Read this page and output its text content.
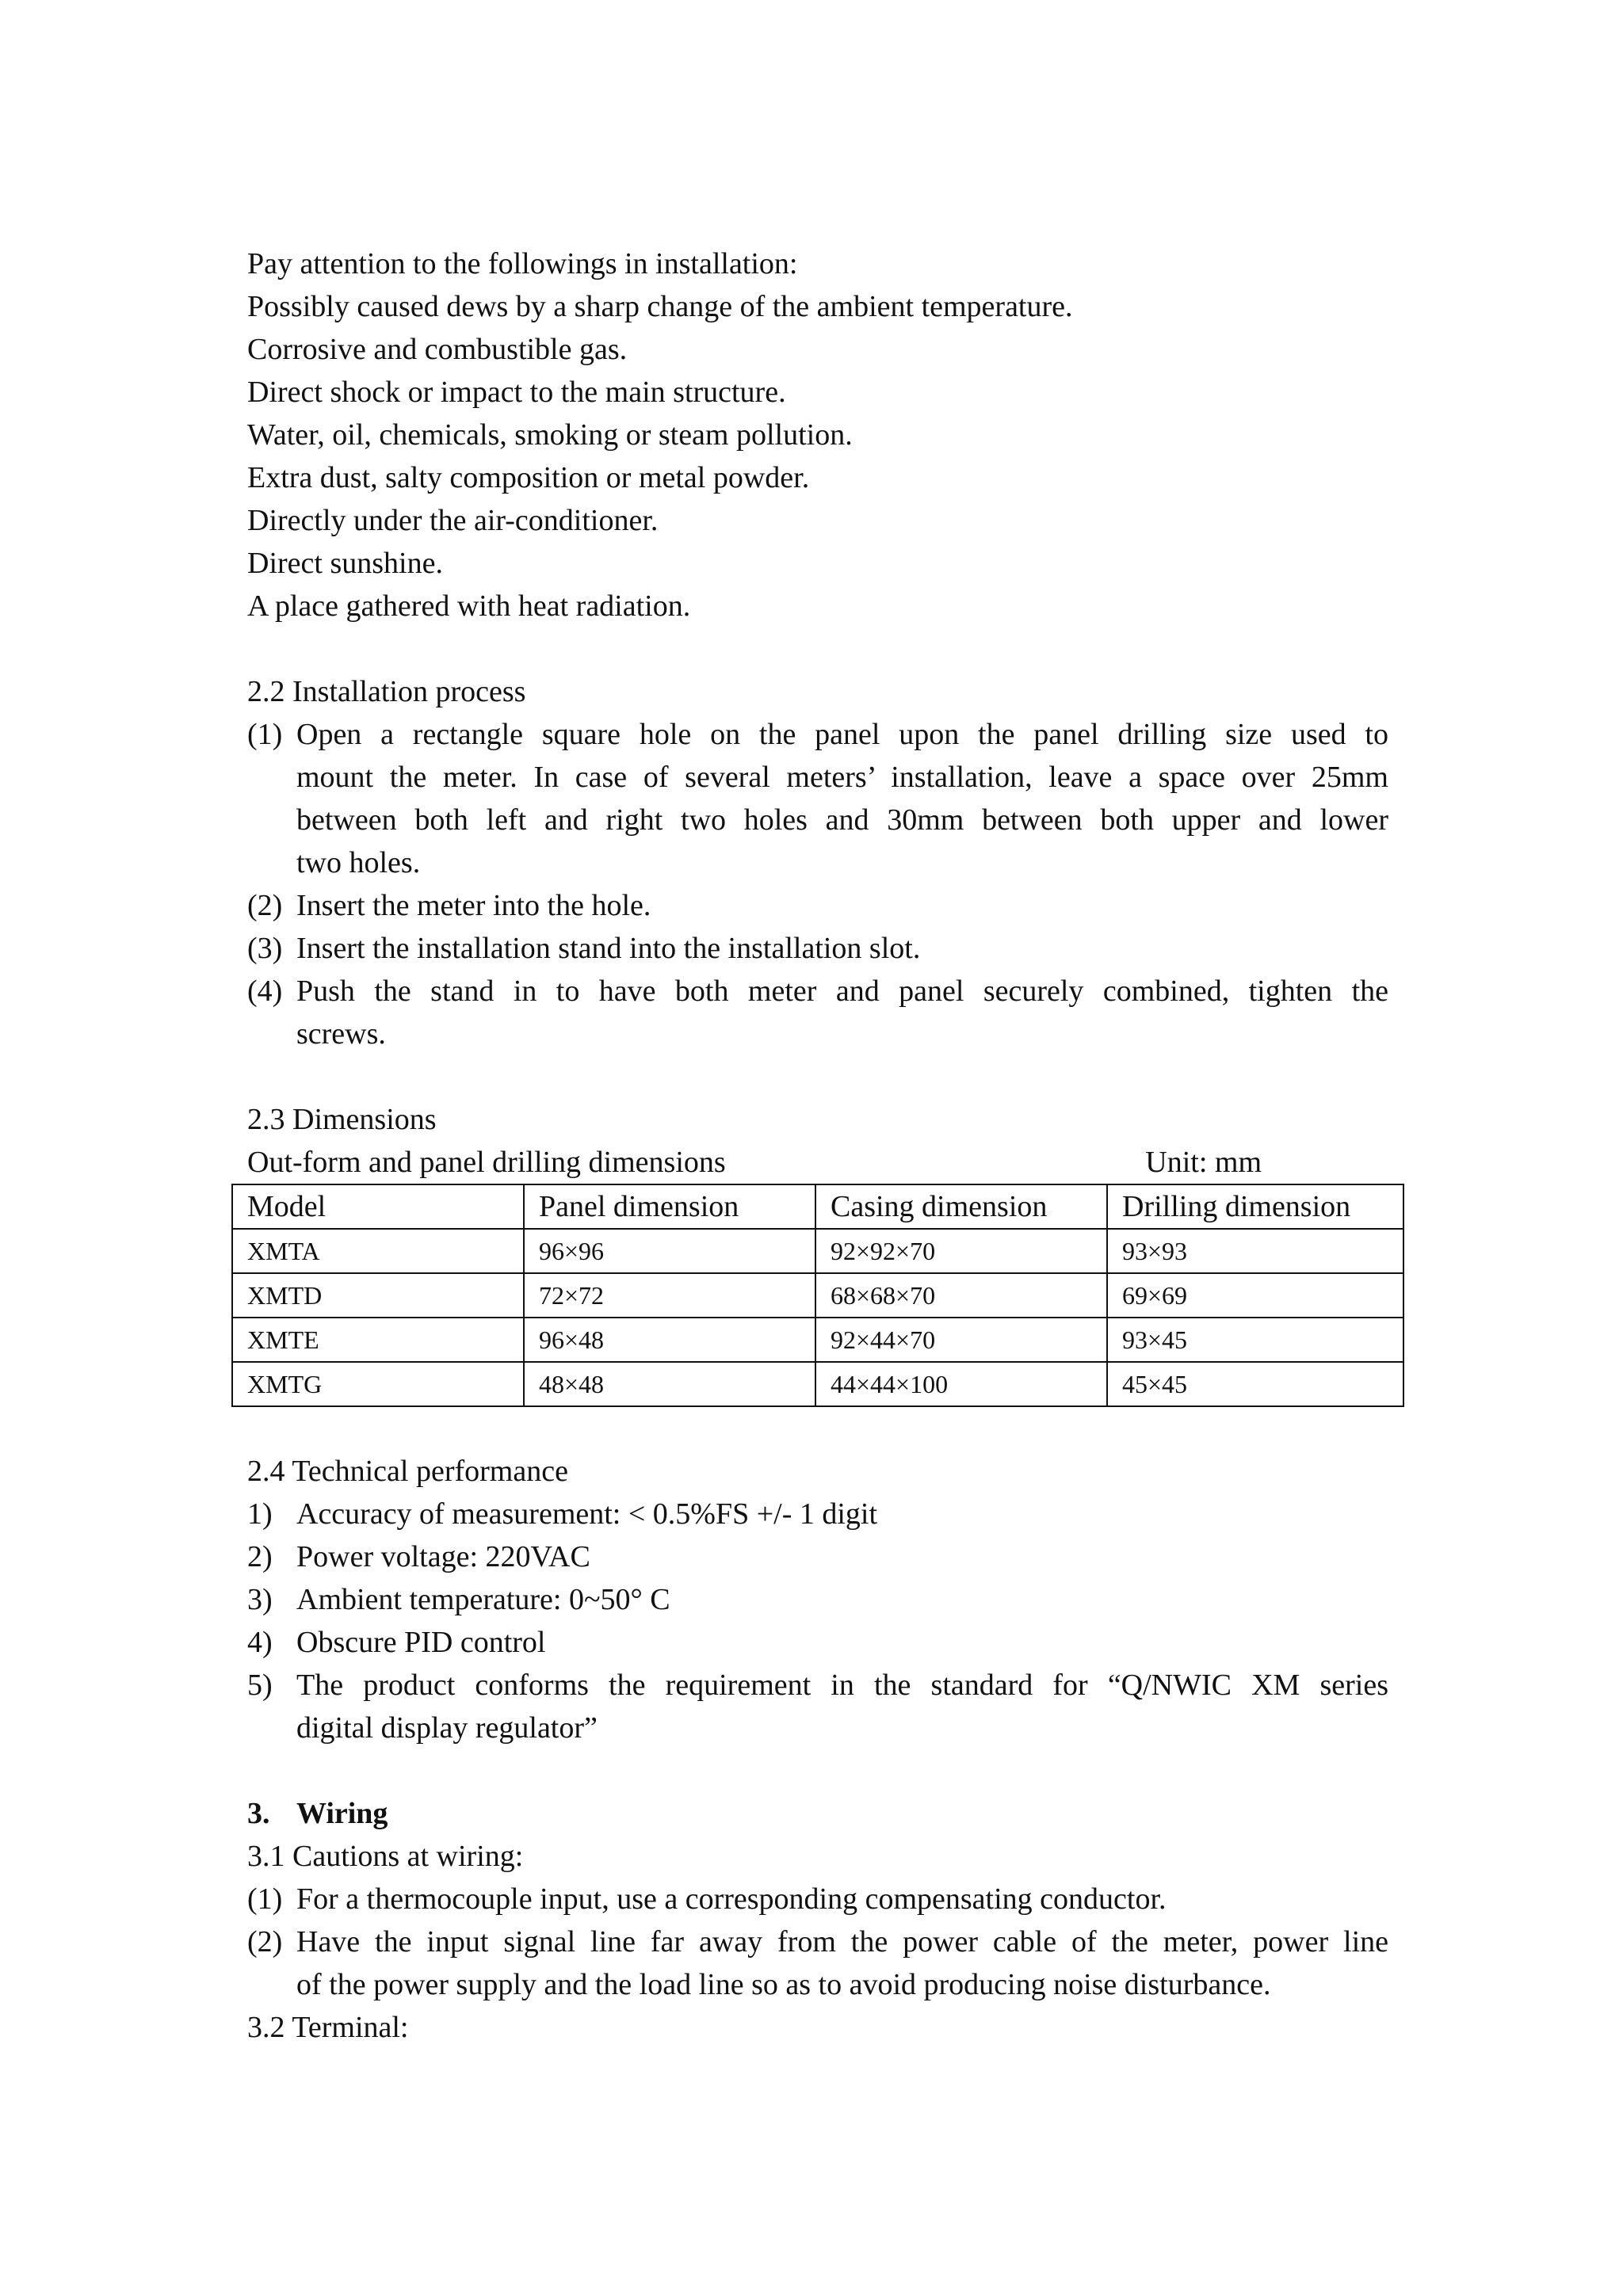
Pay attention to the followings in installation:
Possibly caused dews by a sharp change of the ambient temperature.
Corrosive and combustible gas.
Direct shock or impact to the main structure.
Water, oil, chemicals, smoking or steam pollution.
Extra dust, salty composition or metal powder.
Directly under the air-conditioner.
Direct sunshine.
A place gathered with heat radiation.
2.2 Installation process
(1) Open a rectangle square hole on the panel upon the panel drilling size used to
mount the meter. In case of several meters’ installation, leave a space over 25mm
between both left and right two holes and 30mm between both upper and lower
two holes.
(2) Insert the meter into the hole.
(3) Insert the installation stand into the installation slot.
(4) Push the stand in to have both meter and panel securely combined, tighten the
screws.
2.3 Dimensions
Out-form and panel drilling dimensions	Unit: mm
Model	Panel dimension	Casing dimension	Drilling dimension
XMTA	96×96	92×92×70	93×93
XMTD	72×72	68×68×70	69×69
XMTE	96×48	92×44×70	93×45
XMTG	48×48	44×44×100	45×45
2.4 Technical performance
1) Accuracy of measurement: < 0.5%FS +/- 1 digit
2) Power voltage: 220VAC
3) Ambient temperature: 0~50° C
4) Obscure PID control
5) The product conforms the requirement in the standard for “Q/NWIC XM series
digital display regulator”
3. Wiring
3.1 Cautions at wiring:
(1) For a thermocouple input, use a corresponding compensating conductor.
(2) Have the input signal line far away from the power cable of the meter, power line
of the power supply and the load line so as to avoid producing noise disturbance.
3.2 Terminal:
